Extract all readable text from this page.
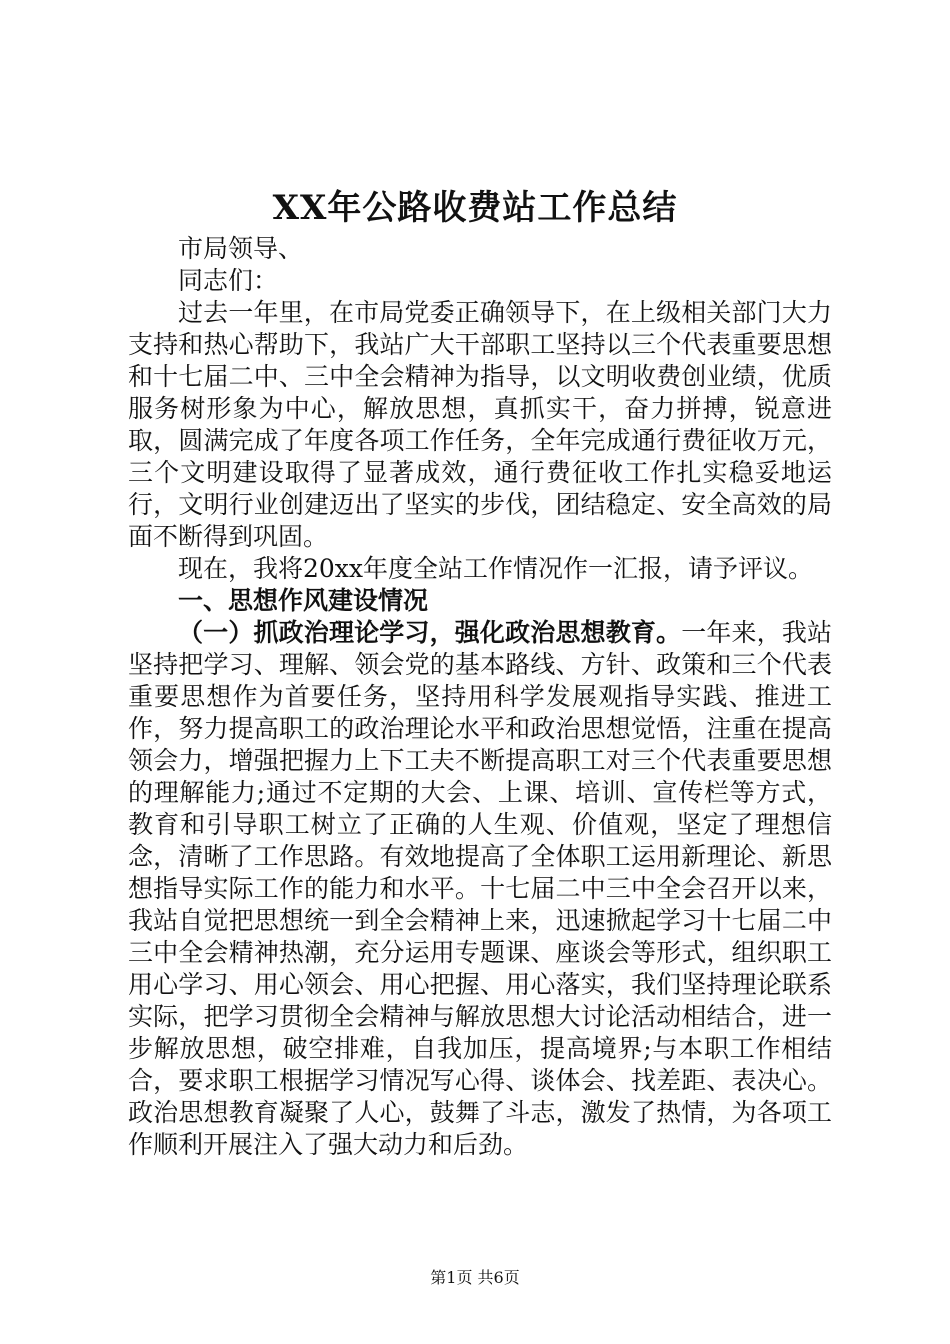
XX年公路收费站工作总结

市局领导、

同志们：

过去一年里，在市局党委正确领导下，在上级相关部门大力支持和热心帮助下，我站广大干部职工坚持以三个代表重要思想和十七届二中、三中全会精神为指导，以文明收费创业绩，优质服务树形象为中心，解放思想，真抓实干，奋力拼搏，锐意进取，圆满完成了年度各项工作任务，全年完成通行费征收万元，三个文明建设取得了显著成效，通行费征收工作扎实稳妥地运行，文明行业创建迈出了坚实的步伐，团结稳定、安全高效的局面不断得到巩固。

现在，我将20xx年度全站工作情况作一汇报，请予评议。

一、思想作风建设情况

（一）抓政治理论学习，强化政治思想教育。一年来，我站坚持把学习、理解、领会党的基本路线、方针、政策和三个代表重要思想作为首要任务，坚持用科学发展观指导实践、推进工作，努力提高职工的政治理论水平和政治思想觉悟，注重在提高领会力，增强把握力上下工夫不断提高职工对三个代表重要思想的理解能力;通过不定期的大会、上课、培训、宣传栏等方式，教育和引导职工树立了正确的人生观、价值观，坚定了理想信念，清晰了工作思路。有效地提高了全体职工运用新理论、新思想指导实际工作的能力和水平。十七届二中三中全会召开以来，我站自觉把思想统一到全会精神上来，迅速掀起学习十七届二中三中全会精神热潮，充分运用专题课、座谈会等形式，组织职工用心学习、用心领会、用心把握、用心落实，我们坚持理论联系实际，把学习贯彻全会精神与解放思想大讨论活动相结合，进一步解放思想，破空排难，自我加压，提高境界;与本职工作相结合，要求职工根据学习情况写心得、谈体会、找差距、表决心。政治思想教育凝聚了人心，鼓舞了斗志，激发了热情，为各项工作顺利开展注入了强大动力和后劲。

第1页 共6页
